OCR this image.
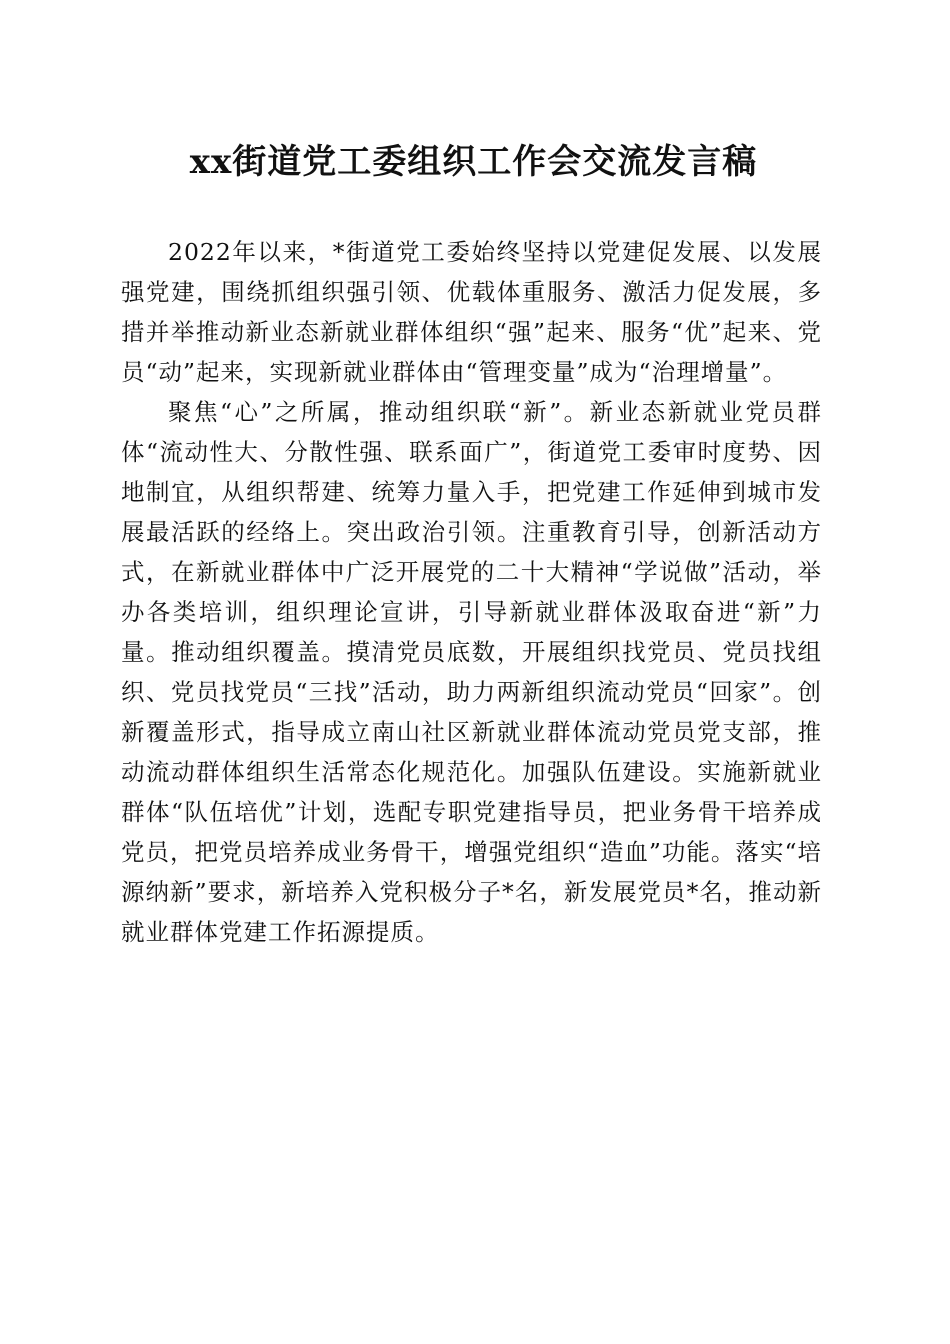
xx街道党工委组织工作会交流发言稿

2022年以来，*街道党工委始终坚持以党建促发展、以发展强党建，围绕抓组织强引领、优载体重服务、激活力促发展，多措并举推动新业态新就业群体组织“强”起来、服务“优”起来、党员“动”起来，实现新就业群体由“管理变量”成为“治理增量”。

聚焦“心”之所属，推动组织联“新”。新业态新就业党员群体“流动性大、分散性强、联系面广”，街道党工委审时度势、因地制宜，从组织帮建、统筹力量入手，把党建工作延伸到城市发展最活跃的经络上。突出政治引领。注重教育引导，创新活动方式，在新就业群体中广泛开展党的二十大精神“学说做”活动，举办各类培训，组织理论宣讲，引导新就业群体汲取奋进“新”力量。推动组织覆盖。摸清党员底数，开展组织找党员、党员找组织、党员找党员“三找”活动，助力两新组织流动党员“回家”。创新覆盖形式，指导成立南山社区新就业群体流动党员党支部，推动流动群体组织生活常态化规范化。加强队伍建设。实施新就业群体“队伍培优”计划，选配专职党建指导员，把业务骨干培养成党员，把党员培养成业务骨干，增强党组织“造血”功能。落实“培源纳新”要求，新培养入党积极分子*名，新发展党员*名，推动新就业群体党建工作拓源提质。
